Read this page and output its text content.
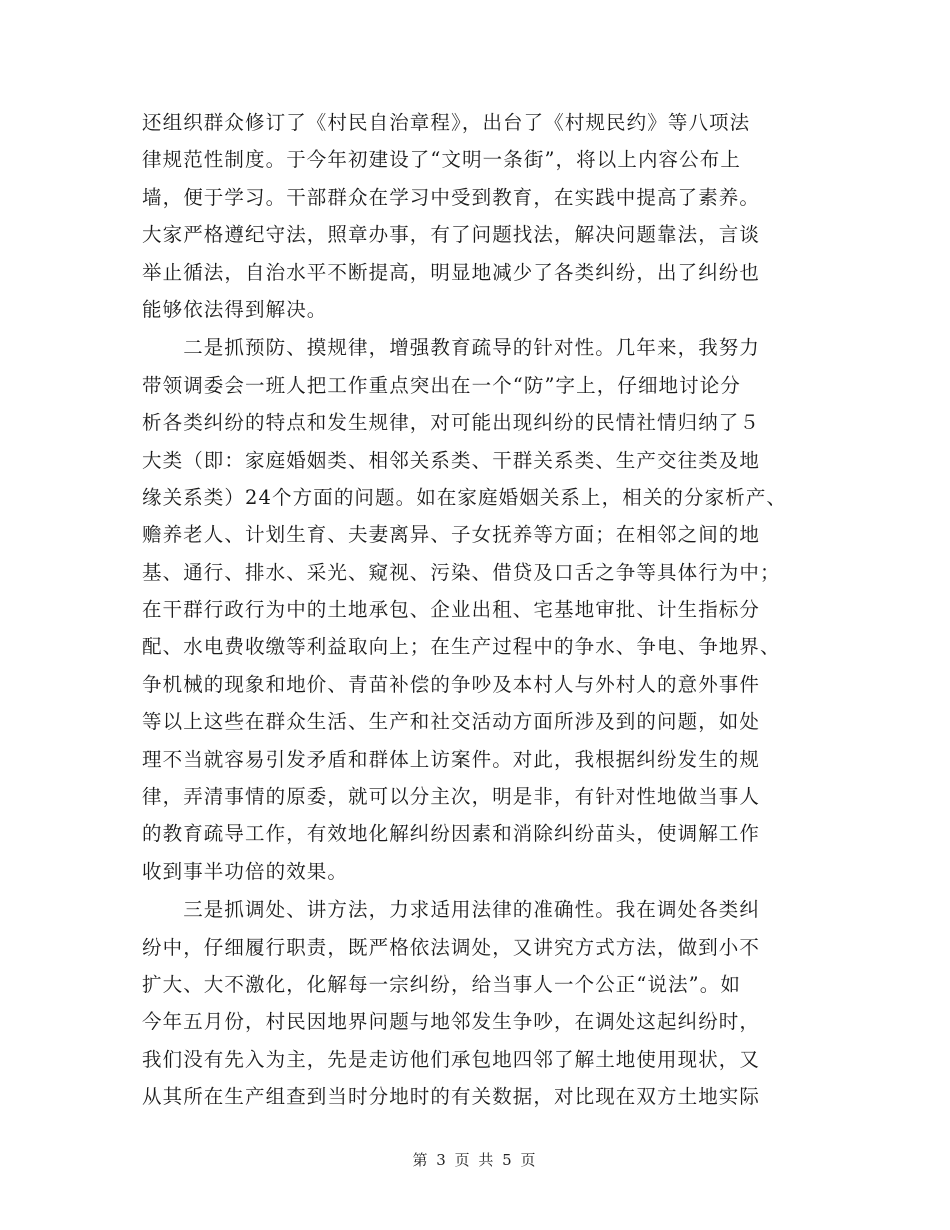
还组织群众修订了《村民自治章程》，出台了《村规民约》等八项法
律规范性制度。于今年初建设了“文明一条街”，将以上内容公布上
墙，便于学习。干部群众在学习中受到教育，在实践中提高了素养。
大家严格遵纪守法，照章办事，有了问题找法，解决问题靠法，言谈
举止循法，自治水平不断提高，明显地减少了各类纠纷，出了纠纷也
能够依法得到解决。
　　二是抓预防、摸规律，增强教育疏导的针对性。几年来，我努力
带领调委会一班人把工作重点突出在一个“防”字上，仔细地讨论分
析各类纠纷的特点和发生规律，对可能出现纠纷的民情社情归纳了５
大类（即：家庭婚姻类、相邻关系类、干群关系类、生产交往类及地
缘关系类）24个方面的问题。如在家庭婚姻关系上，相关的分家析产、
赡养老人、计划生育、夫妻离异、子女抚养等方面；在相邻之间的地
基、通行、排水、采光、窥视、污染、借贷及口舌之争等具体行为中；
在干群行政行为中的土地承包、企业出租、宅基地审批、计生指标分
配、水电费收缴等利益取向上；在生产过程中的争水、争电、争地界、
争机械的现象和地价、青苗补偿的争吵及本村人与外村人的意外事件
等以上这些在群众生活、生产和社交活动方面所涉及到的问题，如处
理不当就容易引发矛盾和群体上访案件。对此，我根据纠纷发生的规
律，弄清事情的原委，就可以分主次，明是非，有针对性地做当事人
的教育疏导工作，有效地化解纠纷因素和消除纠纷苗头，使调解工作
收到事半功倍的效果。
　　三是抓调处、讲方法，力求适用法律的准确性。我在调处各类纠
纷中，仔细履行职责，既严格依法调处，又讲究方式方法，做到小不
扩大、大不激化，化解每一宗纠纷，给当事人一个公正“说法”。如
今年五月份，村民因地界问题与地邻发生争吵，在调处这起纠纷时，
我们没有先入为主，先是走访他们承包地四邻了解土地使用现状，又
从其所在生产组查到当时分地时的有关数据，对比现在双方土地实际
第 3 页 共 5 页
